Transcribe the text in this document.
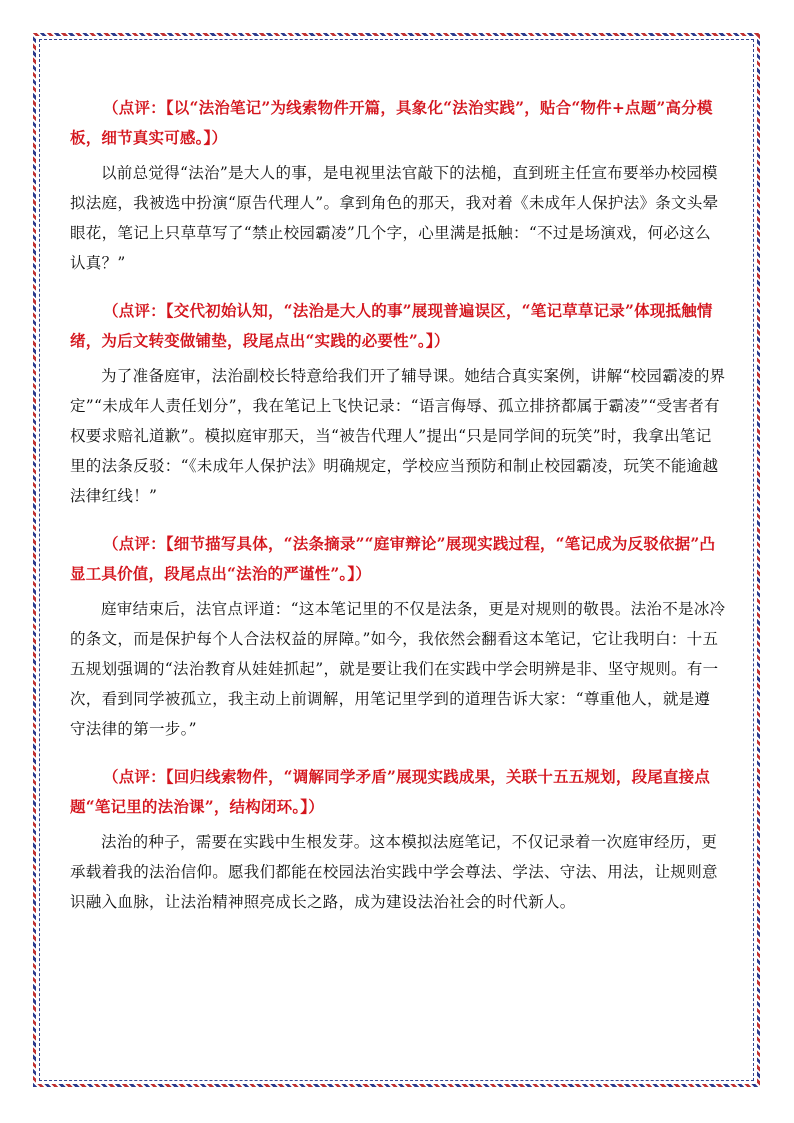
（点评：【以“法治笔记”为线索物件开篇，具象化“法治实践”，贴合“物件+点题”高分模板，细节真实可感。】）

以前总觉得“法治”是大人的事，是电视里法官敲下的法槌，直到班主任宣布要举办校园模拟法庭，我被选中扮演“原告代理人”。拿到角色的那天，我对着《未成年人保护法》条文头晕眼花，笔记上只草草写了“禁止校园霸凌”几个字，心里满是抵触：“不过是场演戏，何必这么认真？”

（点评：【交代初始认知，“法治是大人的事”展现普遍误区，“笔记草草记录”体现抵触情绪，为后文转变做铺垫，段尾点出“实践的必要性”。】）

为了准备庭审，法治副校长特意给我们开了辅导课。她结合真实案例，讲解“校园霸凌的界定”“未成年人责任划分”，我在笔记上飞快记录：“语言侮辱、孤立排挤都属于霸凌”“受害者有权要求赔礼道歉”。模拟庭审那天，当“被告代理人”提出“只是同学间的玩笑”时，我拿出笔记里的法条反驳：“《未成年人保护法》明确规定，学校应当预防和制止校园霸凌，玩笑不能逾越法律红线！”

（点评：【细节描写具体，“法条摘录”“庭审辩论”展现实践过程，“笔记成为反驳依据”凸显工具价值，段尾点出“法治的严谨性”。】）

庭审结束后，法官点评道：“这本笔记里的不仅是法条，更是对规则的敬畏。法治不是冰冷的条文，而是保护每个人合法权益的屏障。”如今，我依然会翻看这本笔记，它让我明白：十五五规划强调的“法治教育从娃娃抓起”，就是要让我们在实践中学会明辨是非、坚守规则。有一次，看到同学被孤立，我主动上前调解，用笔记里学到的道理告诉大家：“尊重他人，就是遵守法律的第一步。”

（点评：【回归线索物件，“调解同学矛盾”展现实践成果，关联十五五规划，段尾直接点题“笔记里的法治课”，结构闭环。】）

法治的种子，需要在实践中生根发芽。这本模拟法庭笔记，不仅记录着一次庭审经历，更承载着我的法治信仰。愿我们都能在校园法治实践中学会尊法、学法、守法、用法，让规则意识融入血脉，让法治精神照亮成长之路，成为建设法治社会的时代新人。
